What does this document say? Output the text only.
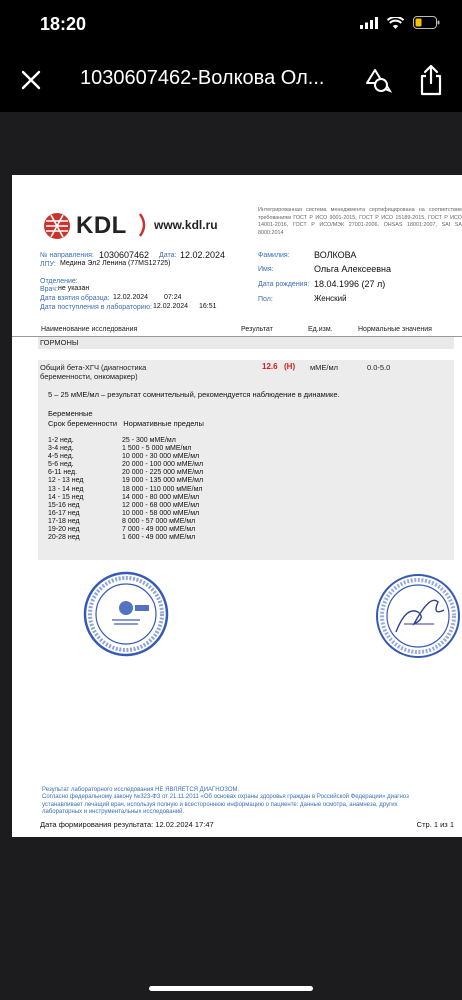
18:20
1030607462-Волкова Ол...
KDL www.kdl.ru
Интегрированная система менеджмента сертифицирована на соответствие требованиям ГОСТ Р ИСО 9001-2015, ГОСТ Р ИСО 15189-2015, ГОСТ Р ИСО 14001-2016, ГОСТ Р ИСО/МЭК 27001-2006, OHSAS 18001:2007, SAI SA 8000:2014
№ направления: 1030607462 Дата: 12.02.2024
ЛПУ: Медина Эл2 Ленина (77MS12725)
Отделение:
Врач: не указан
Дата взятия образца: 12.02.2024 07:24
Дата поступления в лабораторию: 12.02.2024 16:51
Фамилия:	ВОЛКОВА
Имя:	Ольга Алексеевна
Дата рождения: 18.04.1996 (27 л)
Пол:	Женский
Наименование исследования	Результат	Ед.изм.	Нормальные значения
ГОРМОНЫ
Общий бета-ХГЧ (диагностика
беременности, онкомаркер)
12.6 (H) мМЕ/мл	0.0-5.0
5 – 25 мМЕ/мл – результат сомнительный, рекомендуется наблюдение в динамике.
Беременные
Срок беременности   Нормативные пределы
1-2 нед.	25 - 300 мМЕ/мл
3-4 нед.	1 500 - 5 000 мМЕ/мл
4-5 нед.	10 000 - 30 000 мМЕ/мл
5-6 нед.	20 000 - 100 000 мМЕ/мл
6-11 нед.	20 000 - 225 000 мМЕ/мл
12 - 13 нед	19 000 - 135 000 мМЕ/мл
13 - 14 нед	18 000 - 110 000 мМЕ/мл
14 - 15 нед	14 000 - 80 000 мМЕ/мл
15-16 нед	12 000 - 68 000 мМЕ/мл
16-17 нед	10 000 - 58 000 мМЕ/мл
17-18 нед	8 000 - 57 000 мМЕ/мл
19-20 нед	7 000 - 49 000 мМЕ/мл
20-28 нед	1 600 - 49 000 мМЕ/мл
Результат лабораторного исследования НЕ ЯВЛЯЕТСЯ ДИАГНОЗОМ.
Согласно федеральному закону №323-ФЗ от 21.11.2011 «Об основах охраны здоровья граждан в Российской Федерации» диагноз
устанавливает лечащий врач, используя полную и всестороннюю информацию о пациенте: данные осмотра, анамнеза, других
лабораторных и инструментальных исследований.
Дата формирования результата: 12.02.2024 17:47	Стр. 1 из 1
